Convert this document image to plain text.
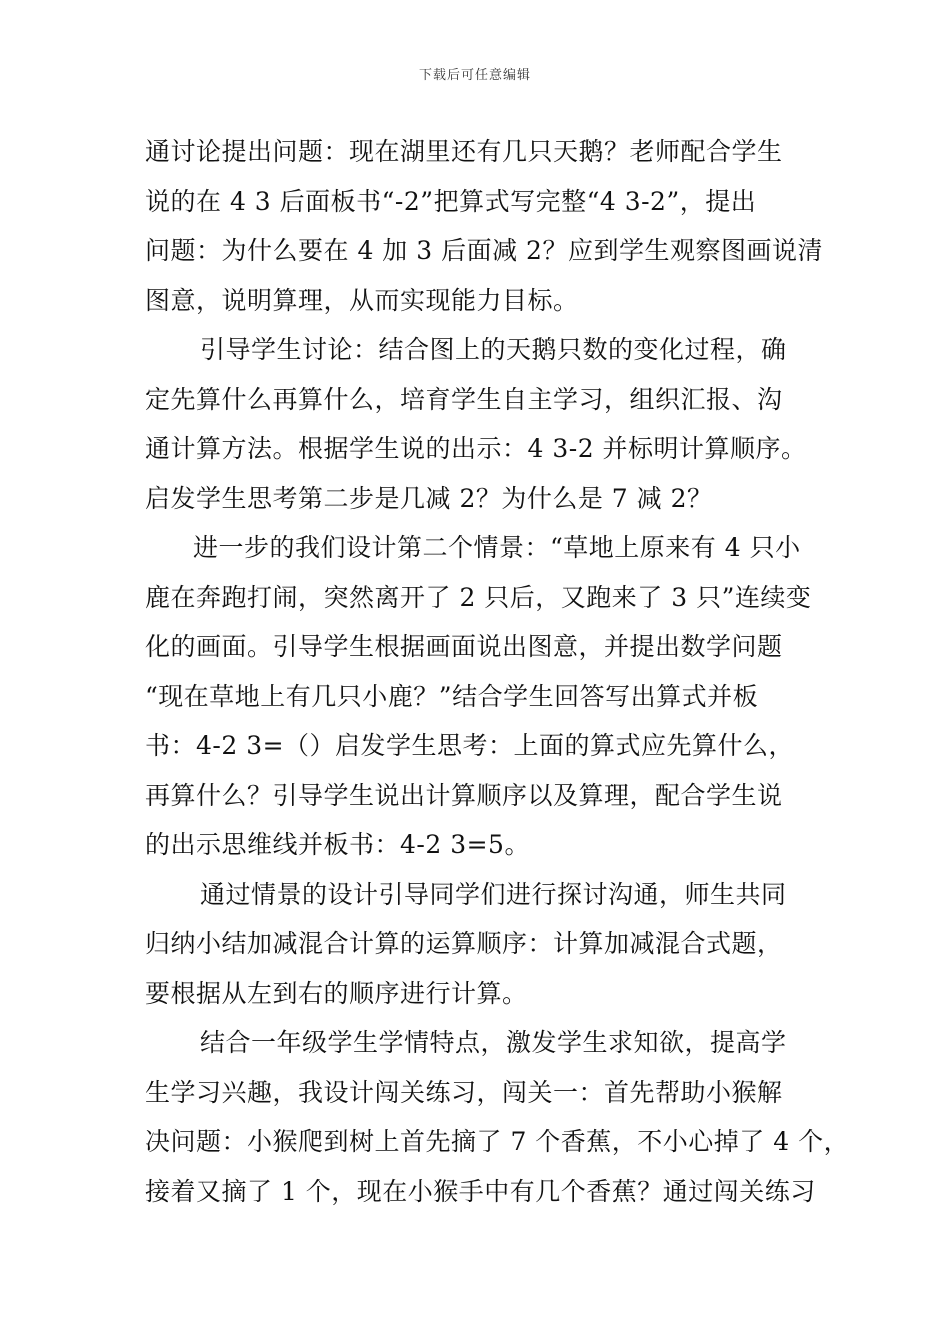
下载后可任意编辑
通讨论提出问题：现在湖里还有几只天鹅？老师配合学生
说的在 4 3 后面板书“-2”把算式写完整“4 3-2”，提出
问题：为什么要在 4 加 3 后面减 2？应到学生观察图画说清
图意，说明算理，从而实现能力目标。
引导学生讨论：结合图上的天鹅只数的变化过程，确
定先算什么再算什么，培育学生自主学习，组织汇报、沟
通计算方法。根据学生说的出示：4 3-2 并标明计算顺序。
启发学生思考第二步是几减 2？为什么是 7 减 2？
进一步的我们设计第二个情景：“草地上原来有 4 只小
鹿在奔跑打闹，突然离开了 2 只后，又跑来了 3 只”连续变
化的画面。引导学生根据画面说出图意，并提出数学问题
“现在草地上有几只小鹿？”结合学生回答写出算式并板
书：4-2 3=（）启发学生思考：上面的算式应先算什么，
再算什么？引导学生说出计算顺序以及算理，配合学生说
的出示思维线并板书：4-2 3=5。
通过情景的设计引导同学们进行探讨沟通，师生共同
归纳小结加减混合计算的运算顺序：计算加减混合式题，
要根据从左到右的顺序进行计算。
结合一年级学生学情特点，激发学生求知欲，提高学
生学习兴趣，我设计闯关练习，闯关一：首先帮助小猴解
决问题：小猴爬到树上首先摘了 7 个香蕉，不小心掉了 4 个，
接着又摘了 1 个，现在小猴手中有几个香蕉？通过闯关练习
